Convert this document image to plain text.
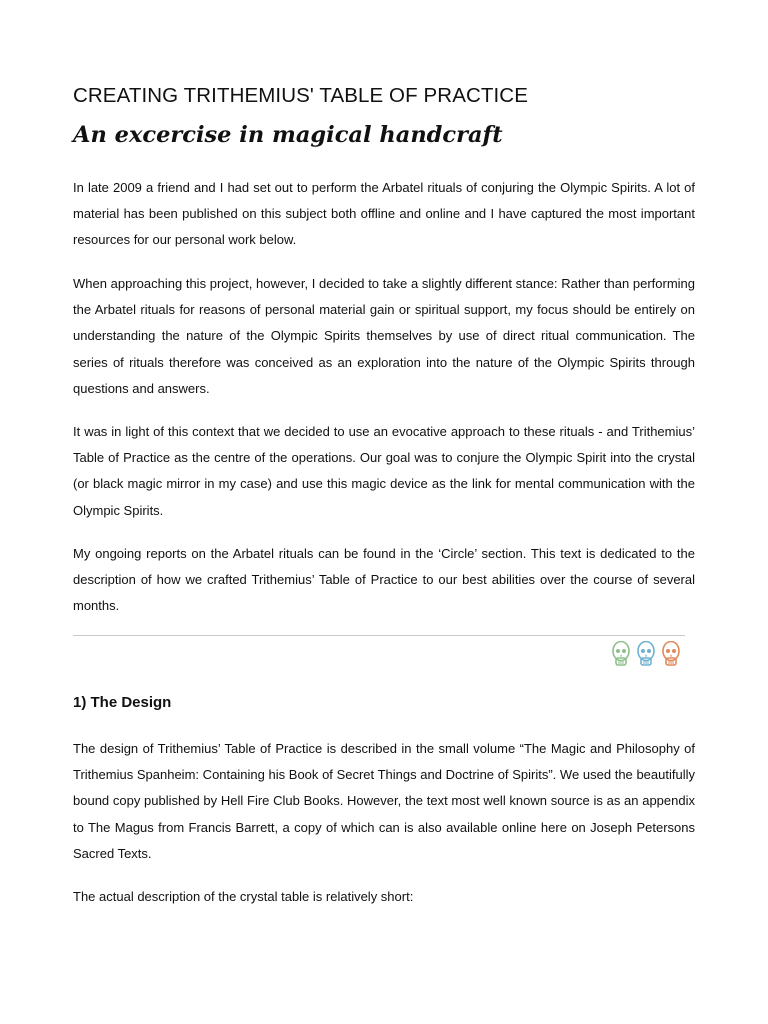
CREATING TRITHEMIUS' TABLE OF PRACTICE
An excercise in magical handcraft

In late 2009 a friend and I had set out to perform the Arbatel rituals of conjuring the Olympic Spirits. A lot of material has been published on this subject both offline and online and I have captured the most important resources for our personal work below.

When approaching this project, however, I decided to take a slightly different stance: Rather than performing the Arbatel rituals for reasons of personal material gain or spiritual support, my focus should be entirely on understanding the nature of the Olympic Spirits themselves by use of direct ritual communication. The series of rituals therefore was conceived as an exploration into the nature of the Olympic Spirits through questions and answers.

It was in light of this context that we decided to use an evocative approach to these rituals - and Trithemius’ Table of Practice as the centre of the operations. Our goal was to conjure the Olympic Spirit into the crystal (or black magic mirror in my case) and use this magic device as the link for mental communication with the Olympic Spirits.

My ongoing reports on the Arbatel rituals can be found in the ‘Circle’ section. This text is dedicated to the description of how we crafted Trithemius’ Table of Practice to our best abilities over the course of several months.

1) The Design

The design of Trithemius’ Table of Practice is described in the small volume “The Magic and Philosophy of Trithemius Spanheim: Containing his Book of Secret Things and Doctrine of Spirits”. We used the beautifully bound copy published by Hell Fire Club Books. However, the text most well known source is as an appendix to The Magus from Francis Barrett, a copy of which can is also available online here on Joseph Petersons Sacred Texts.

The actual description of the crystal table is relatively short:
